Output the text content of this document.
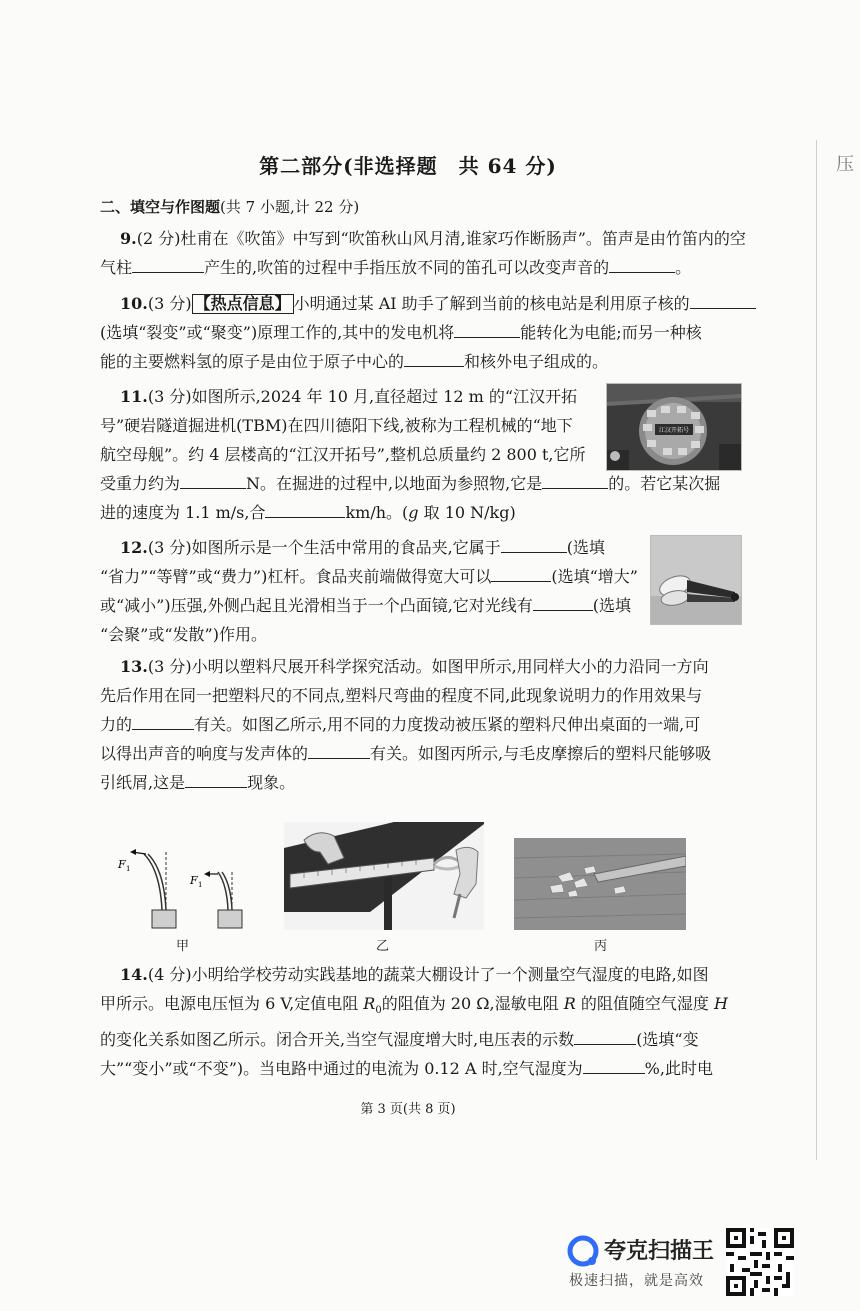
压
第二部分(非选择题　共 64 分)
二、填空与作图题(共 7 小题,计 22 分)
9.(2 分)杜甫在《吹笛》中写到“吹笛秋山风月清,谁家巧作断肠声”。笛声是由竹笛内的空
气柱	产生的,吹笛的过程中手指压放不同的笛孔可以改变声音的	。
10.(3 分) 【热点信息】 小明通过某 AI 助手了解到当前的核电站是利用原子核的
(选填“裂变”或“聚变”)原理工作的,其中的发电机将	能转化为电能;而另一种核
能的主要燃料氢的原子是由位于原子中心的	和核外电子组成的。
11.(3 分)如图所示,2024 年 10 月,直径超过 12 m 的“江汉开拓
号”硬岩隧道掘进机(TBM)在四川德阳下线,被称为工程机械的“地下
航空母舰”。约 4 层楼高的“江汉开拓号”,整机总质量约 2 800 t,它所
受重力约为	N。在掘进的过程中,以地面为参照物,它是	的。若它某次掘
进的速度为 1.1 m/s,合	km/h。(g 取 10 N/kg)
江汉开拓号
12.(3 分)如图所示是一个生活中常用的食品夹,它属于	(选填
“省力”“等臂”或“费力”)杠杆。食品夹前端做得宽大可以	(选填“增大”
或“减小”)压强,外侧凸起且光滑相当于一个凸面镜,它对光线有	(选填
“会聚”或“发散”)作用。
13.(3 分)小明以塑料尺展开科学探究活动。如图甲所示,用同样大小的力沿同一方向
先后作用在同一把塑料尺的不同点,塑料尺弯曲的程度不同,此现象说明力的作用效果与
力的	有关。如图乙所示,用不同的力度拨动被压紧的塑料尺伸出桌面的一端,可
以得出声音的响度与发声体的	有关。如图丙所示,与毛皮摩擦后的塑料尺能够吸
引纸屑,这是	现象。
F 1
F 1
甲	乙	丙
14.(4 分)小明给学校劳动实践基地的蔬菜大棚设计了一个测量空气湿度的电路,如图
甲所示。电源电压恒为 6 V,定值电阻 $R_0$的阻值为 20 Ω,湿敏电阻 R 的阻值随空气湿度 H
的变化关系如图乙所示。闭合开关,当空气湿度增大时,电压表的示数	(选填“变
大”“变小”或“不变”)。当电路中通过的电流为 0.12 A 时,空气湿度为	%,此时电
第 3 页(共 8 页)
夸克扫描王
极速扫描，就是高效
